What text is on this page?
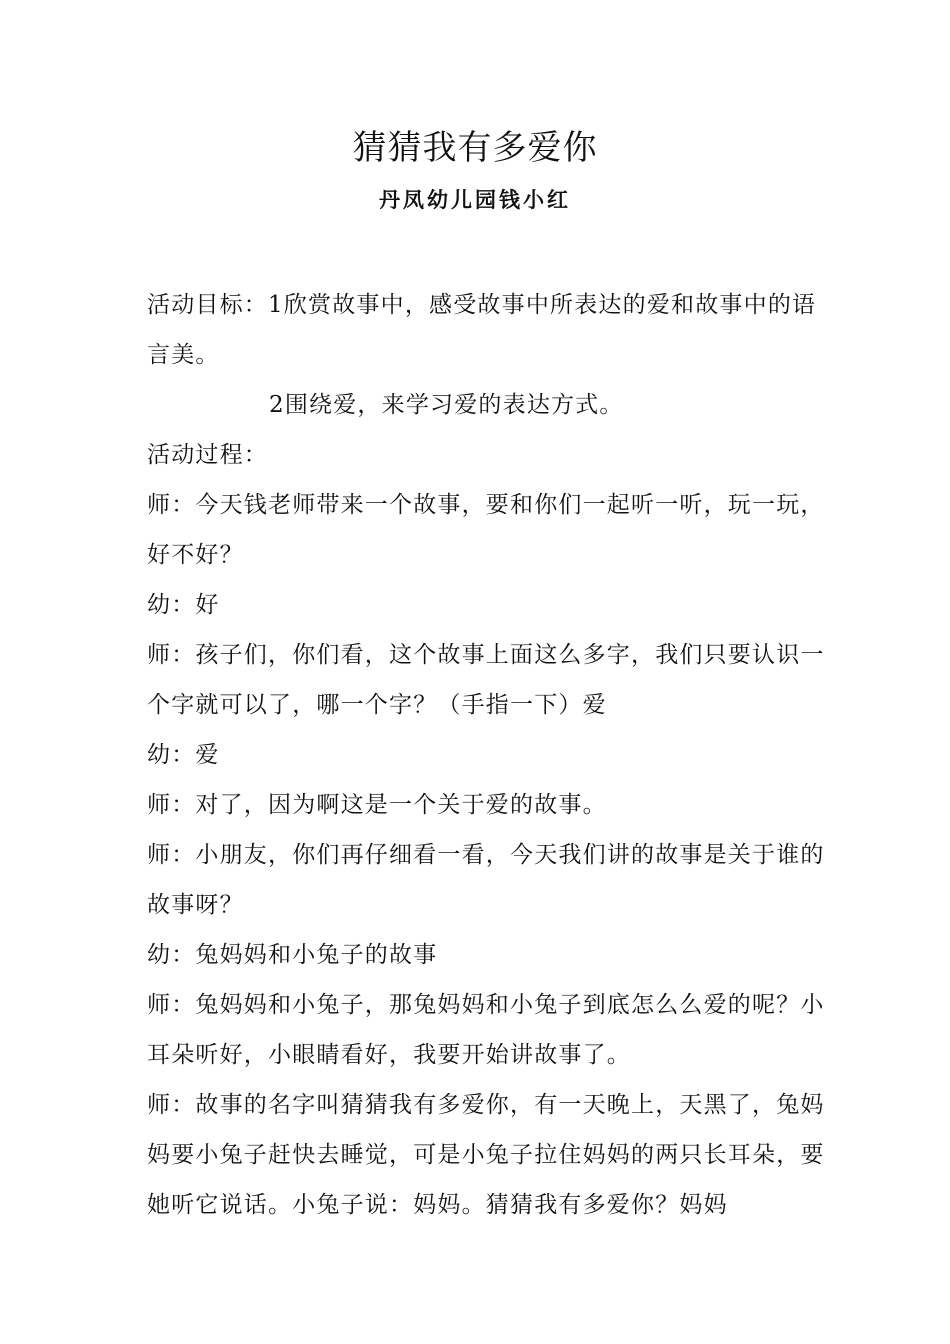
猜猜我有多爱你
丹凤幼儿园钱小红

活动目标：1欣赏故事中，感受故事中所表达的爱和故事中的语言美。

2围绕爱，来学习爱的表达方式。

活动过程：

师：今天钱老师带来一个故事，要和你们一起听一听，玩一玩，好不好？

幼：好

师：孩子们，你们看，这个故事上面这么多字，我们只要认识一个字就可以了，哪一个字？（手指一下）爱

幼：爱

师：对了，因为啊这是一个关于爱的故事。

师：小朋友，你们再仔细看一看，今天我们讲的故事是关于谁的故事呀？

幼：兔妈妈和小兔子的故事

师：兔妈妈和小兔子，那兔妈妈和小兔子到底怎么么爱的呢？小耳朵听好，小眼睛看好，我要开始讲故事了。

师：故事的名字叫猜猜我有多爱你，有一天晚上，天黑了，兔妈妈要小兔子赶快去睡觉，可是小兔子拉住妈妈的两只长耳朵，要她听它说话。小兔子说：妈妈。猜猜我有多爱你？妈妈
